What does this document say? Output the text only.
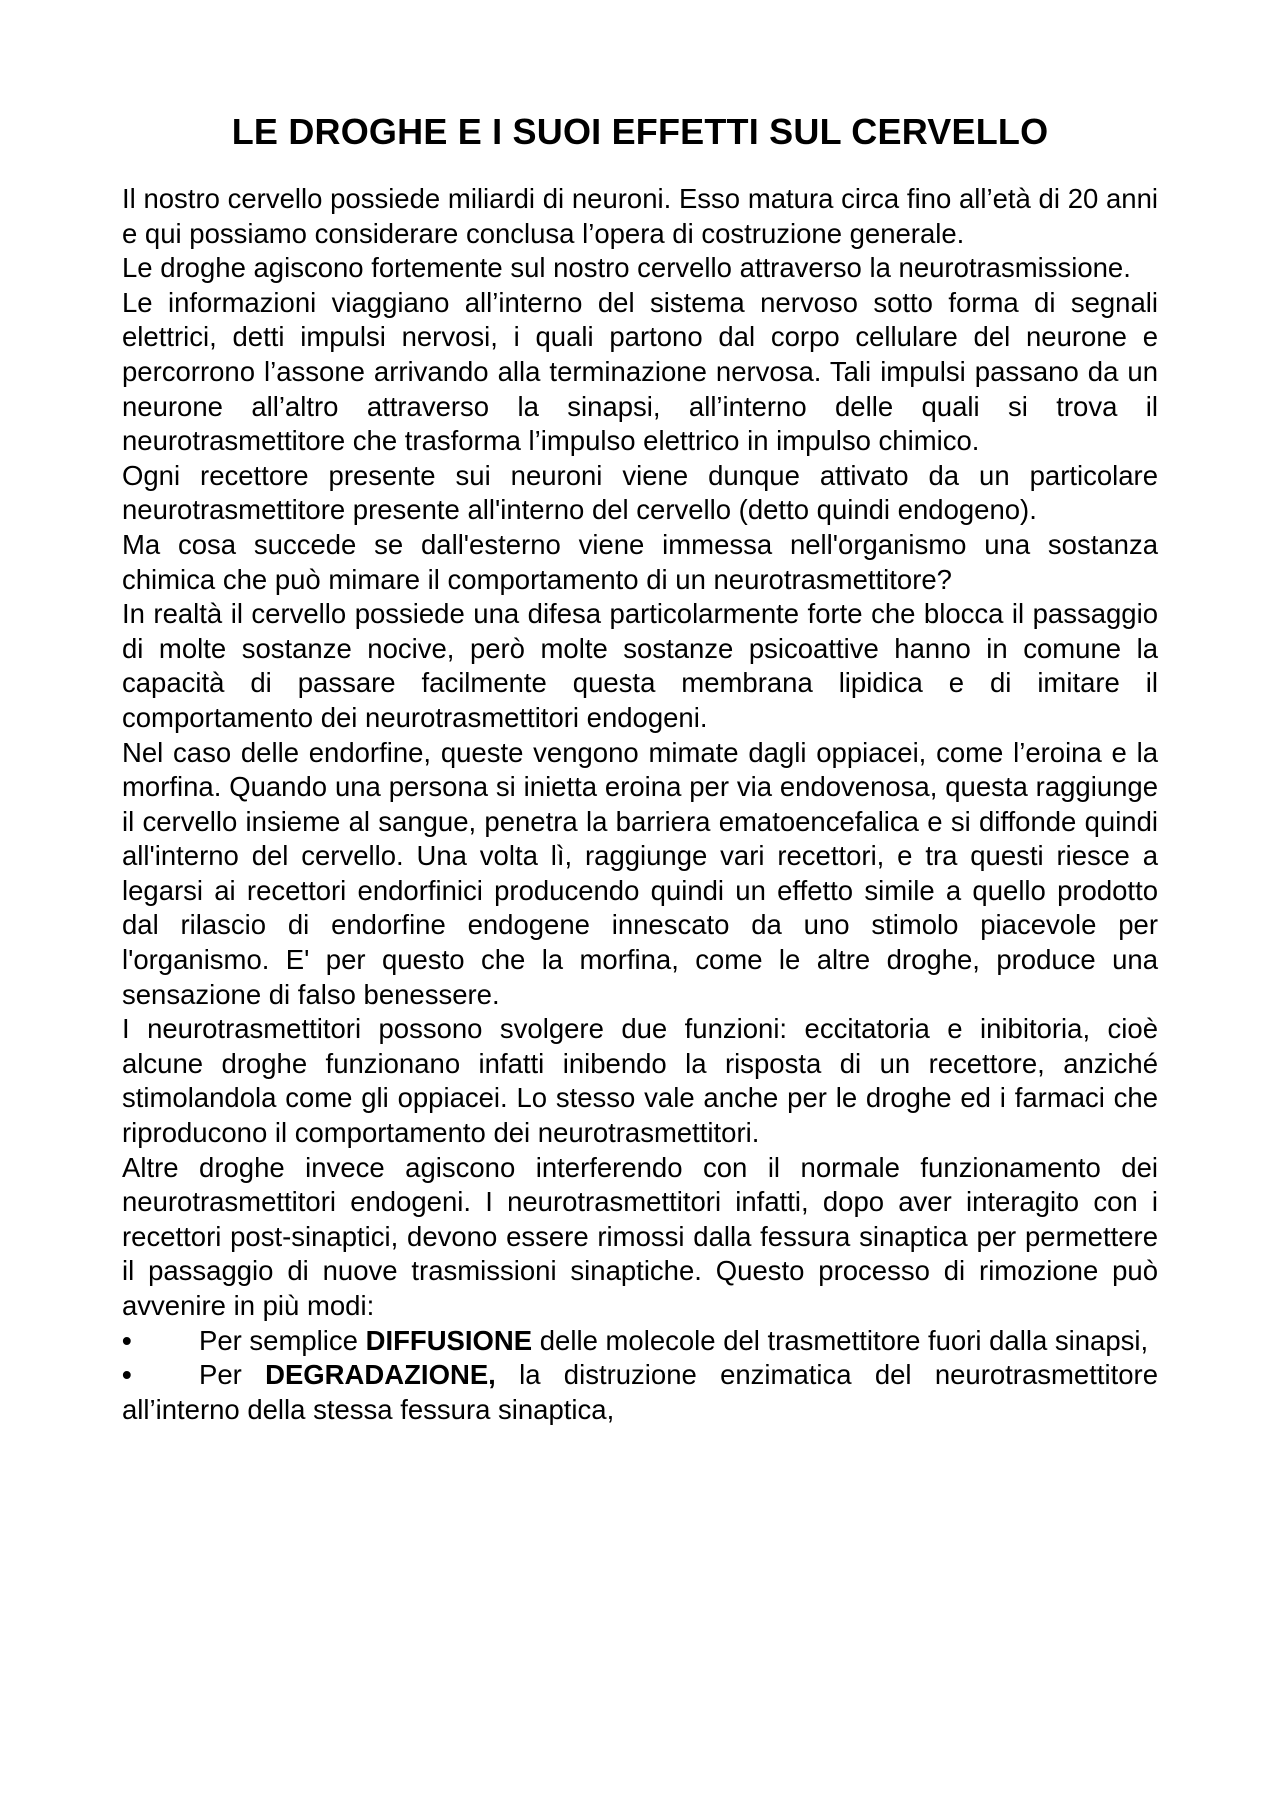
LE DROGHE E I SUOI EFFETTI SUL CERVELLO

Il nostro cervello possiede miliardi di neuroni. Esso matura circa fino all’età di 20 anni e qui possiamo considerare conclusa l’opera di costruzione generale.

Le droghe agiscono fortemente sul nostro cervello attraverso la neurotrasmissione.

Le informazioni viaggiano all’interno del sistema nervoso sotto forma di segnali elettrici, detti impulsi nervosi, i quali partono dal corpo cellulare del neurone e percorrono l’assone arrivando alla terminazione nervosa. Tali impulsi passano da un neurone all’altro attraverso la sinapsi, all’interno delle quali si trova il neurotrasmettitore che trasforma l’impulso elettrico in impulso chimico.

Ogni recettore presente sui neuroni viene dunque attivato da un particolare neurotrasmettitore presente all'interno del cervello (detto quindi endogeno).

Ma cosa succede se dall'esterno viene immessa nell'organismo una sostanza chimica che può mimare il comportamento di un neurotrasmettitore?

In realtà il cervello possiede una difesa particolarmente forte che blocca il passaggio di molte sostanze nocive, però molte sostanze psicoattive hanno in comune la capacità di passare facilmente questa membrana lipidica e di imitare il comportamento dei neurotrasmettitori endogeni.

Nel caso delle endorfine, queste vengono mimate dagli oppiacei, come l’eroina e la morfina. Quando una persona si inietta eroina per via endovenosa, questa raggiunge il cervello insieme al sangue, penetra la barriera ematoencefalica e si diffonde quindi all'interno del cervello. Una volta lì, raggiunge vari recettori, e tra questi riesce a legarsi ai recettori endorfinici producendo quindi un effetto simile a quello prodotto dal rilascio di endorfine endogene innescato da uno stimolo piacevole per l'organismo. E' per questo che la morfina, come le altre droghe, produce una sensazione di falso benessere.

I neurotrasmettitori possono svolgere due funzioni: eccitatoria e inibitoria, cioè alcune droghe funzionano infatti inibendo la risposta di un recettore, anziché stimolandola come gli oppiacei. Lo stesso vale anche per le droghe ed i farmaci che riproducono il comportamento dei neurotrasmettitori.

Altre droghe invece agiscono interferendo con il normale funzionamento dei neurotrasmettitori endogeni. I neurotrasmettitori infatti, dopo aver interagito con i recettori post-sinaptici, devono essere rimossi dalla fessura sinaptica per permettere il passaggio di nuove trasmissioni sinaptiche. Questo processo di rimozione può avvenire in più modi:

• Per semplice DIFFUSIONE delle molecole del trasmettitore fuori dalla sinapsi,

• Per DEGRADAZIONE, la distruzione enzimatica del neurotrasmettitore all’interno della stessa fessura sinaptica,
